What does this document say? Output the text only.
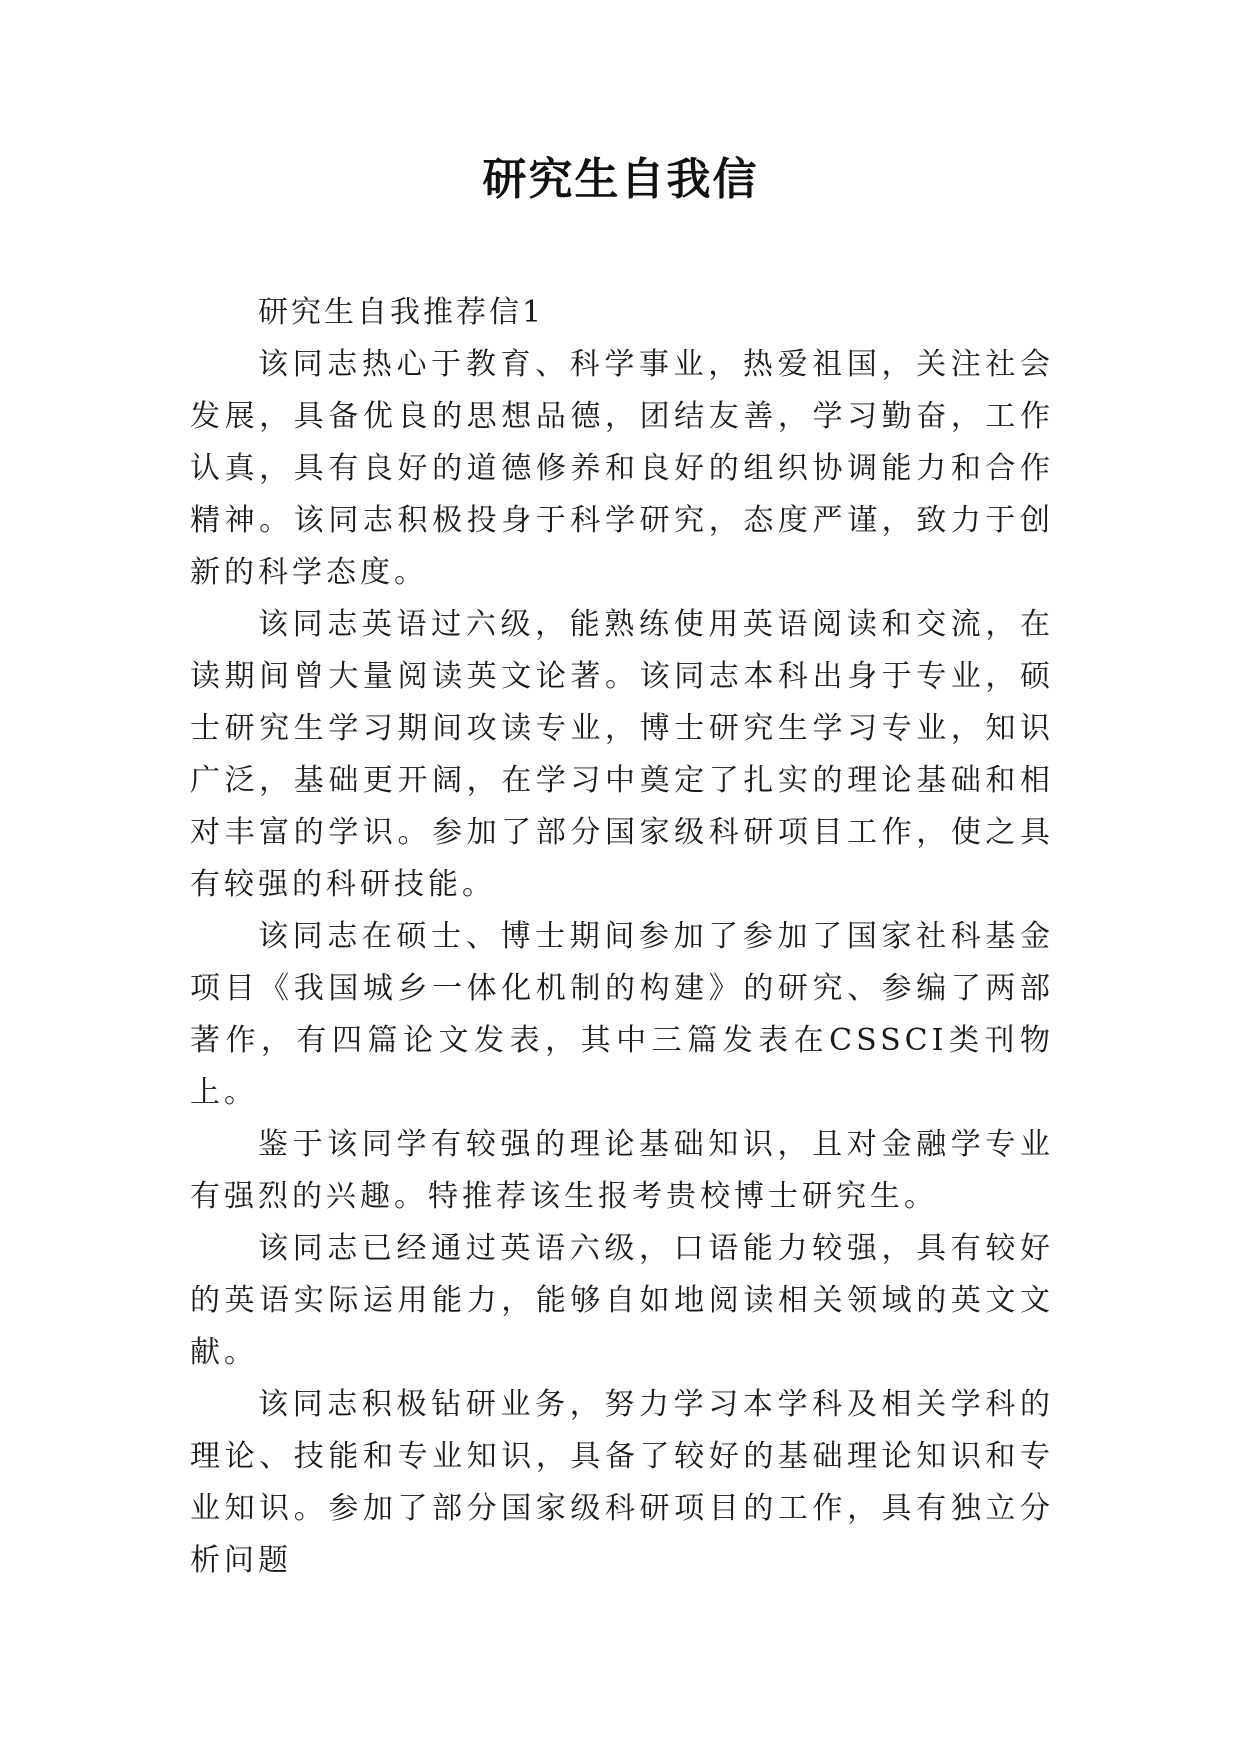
研究生自我信

研究生自我推荐信1

该同志热心于教育、科学事业，热爱祖国，关注社会发展，具备优良的思想品德，团结友善，学习勤奋，工作认真，具有良好的道德修养和良好的组织协调能力和合作精神。该同志积极投身于科学研究，态度严谨，致力于创新的科学态度。

该同志英语过六级，能熟练使用英语阅读和交流，在读期间曾大量阅读英文论著。该同志本科出身于专业，硕士研究生学习期间攻读专业，博士研究生学习专业，知识广泛，基础更开阔，在学习中奠定了扎实的理论基础和相对丰富的学识。参加了部分国家级科研项目工作，使之具有较强的科研技能。

该同志在硕士、博士期间参加了参加了国家社科基金项目《我国城乡一体化机制的构建》的研究、参编了两部著作，有四篇论文发表，其中三篇发表在CSSCI类刊物上。

鉴于该同学有较强的理论基础知识，且对金融学专业有强烈的兴趣。特推荐该生报考贵校博士研究生。

该同志已经通过英语六级，口语能力较强，具有较好的英语实际运用能力，能够自如地阅读相关领域的英文文献。

该同志积极钻研业务，努力学习本学科及相关学科的理论、技能和专业知识，具备了较好的基础理论知识和专业知识。参加了部分国家级科研项目的工作，具有独立分析问题
